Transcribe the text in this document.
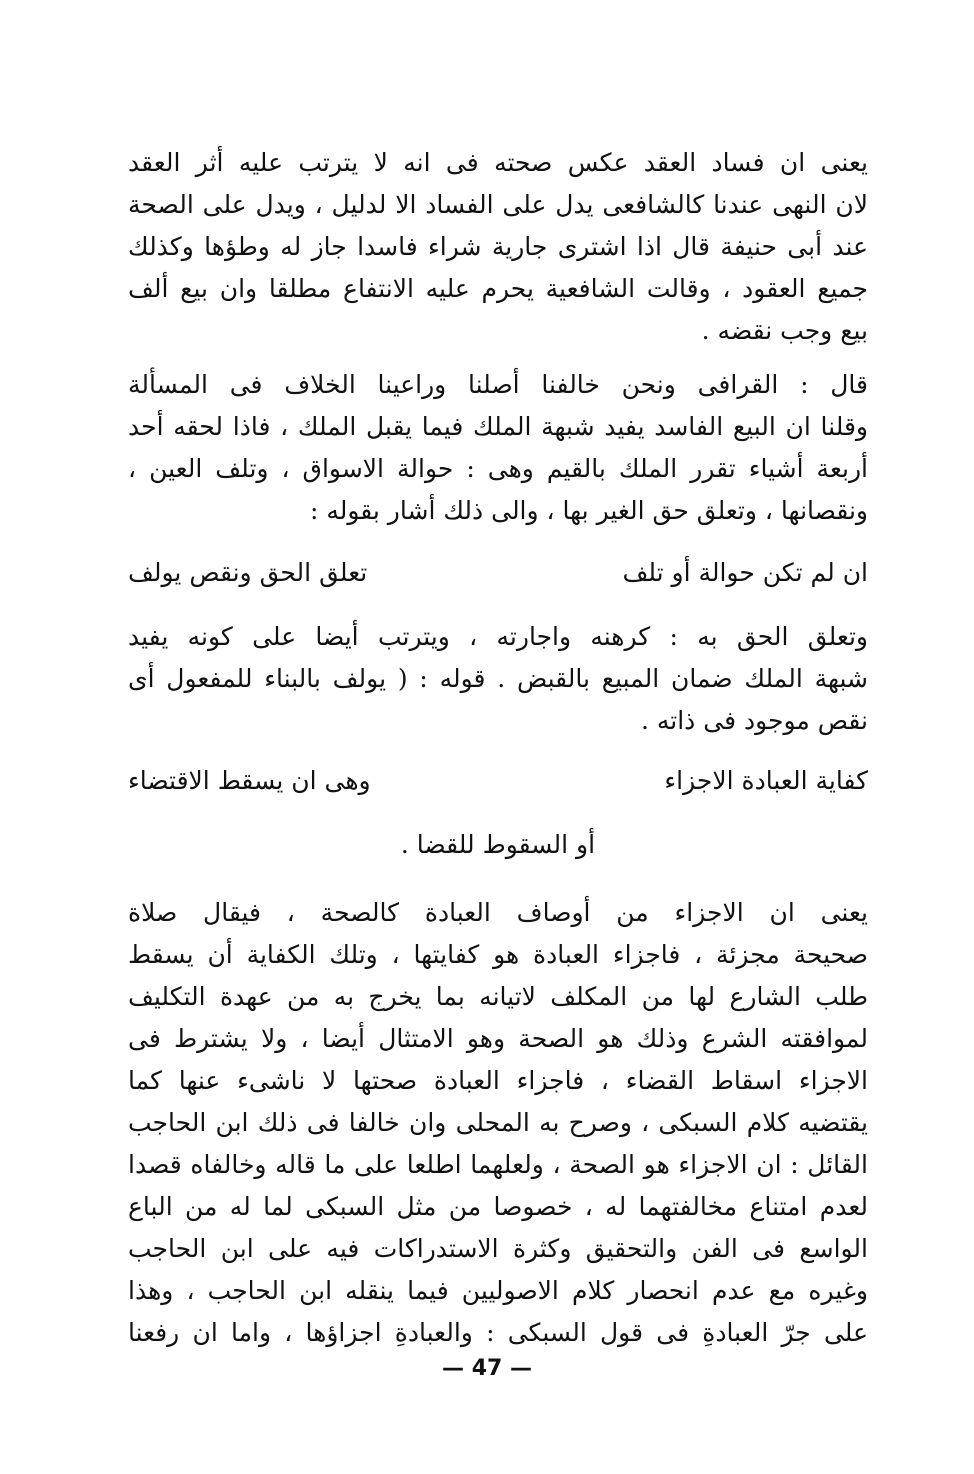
يعنى ان فساد العقد عكس صحته فى انه لا يترتب عليه أثر العقد
لان النهى عندنا كالشافعى يدل على الفساد الا لدليل ، ويدل على الصحة
عند أبى حنيفة قال اذا اشترى جارية شراء فاسدا جاز له وطؤها وكذلك
جميع العقود ، وقالت الشافعية يحرم عليه الانتفاع مطلقا وان بيع ألف
بيع وجب نقضه .
قال : القرافى ونحن خالفنا أصلنا وراعينا الخلاف فى المسألة
وقلنا ان البيع الفاسد يفيد شبهة الملك فيما يقبل الملك ، فاذا لحقه أحد
أربعة أشياء تقرر الملك بالقيم وهى : حوالة الاسواق ، وتلف العين ،
ونقصانها ، وتعلق حق الغير بها ، والى ذلك أشار بقوله :
ان لم تكن حوالة أو تلف
تعلق الحق ونقص يولف
وتعلق الحق به : كرهنه واجارته ، ويترتب أيضا على كونه يفيد
شبهة الملك ضمان المبيع بالقبض . قوله : ( يولف بالبناء للمفعول أى
نقص موجود فى ذاته .
كفاية العبادة الاجزاء
وهى ان يسقط الاقتضاء
أو السقوط للقضا .
يعنى ان الاجزاء من أوصاف العبادة كالصحة ، فيقال صلاة
صحيحة مجزئة ، فاجزاء العبادة هو كفايتها ، وتلك الكفاية أن يسقط
طلب الشارع لها من المكلف لاتيانه بما يخرج به من عهدة التكليف
لموافقته الشرع وذلك هو الصحة وهو الامتثال أيضا ، ولا يشترط فى
الاجزاء اسقاط القضاء ، فاجزاء العبادة صحتها لا ناشىء عنها كما
يقتضيه كلام السبكى ، وصرح به المحلى وان خالفا فى ذلك ابن الحاجب
القائل : ان الاجزاء هو الصحة ، ولعلهما اطلعا على ما قاله وخالفاه قصدا
لعدم امتناع مخالفتهما له ، خصوصا من مثل السبكى لما له من الباع
الواسع فى الفن والتحقيق وكثرة الاستدراكات فيه على ابن الحاجب
وغيره مع عدم انحصار كلام الاصوليين فيما ينقله ابن الحاجب ، وهذا
على جرّ العبادةِ فى قول السبكى : والعبادةِ اجزاؤها ، واما ان رفعنا
— 47 —
